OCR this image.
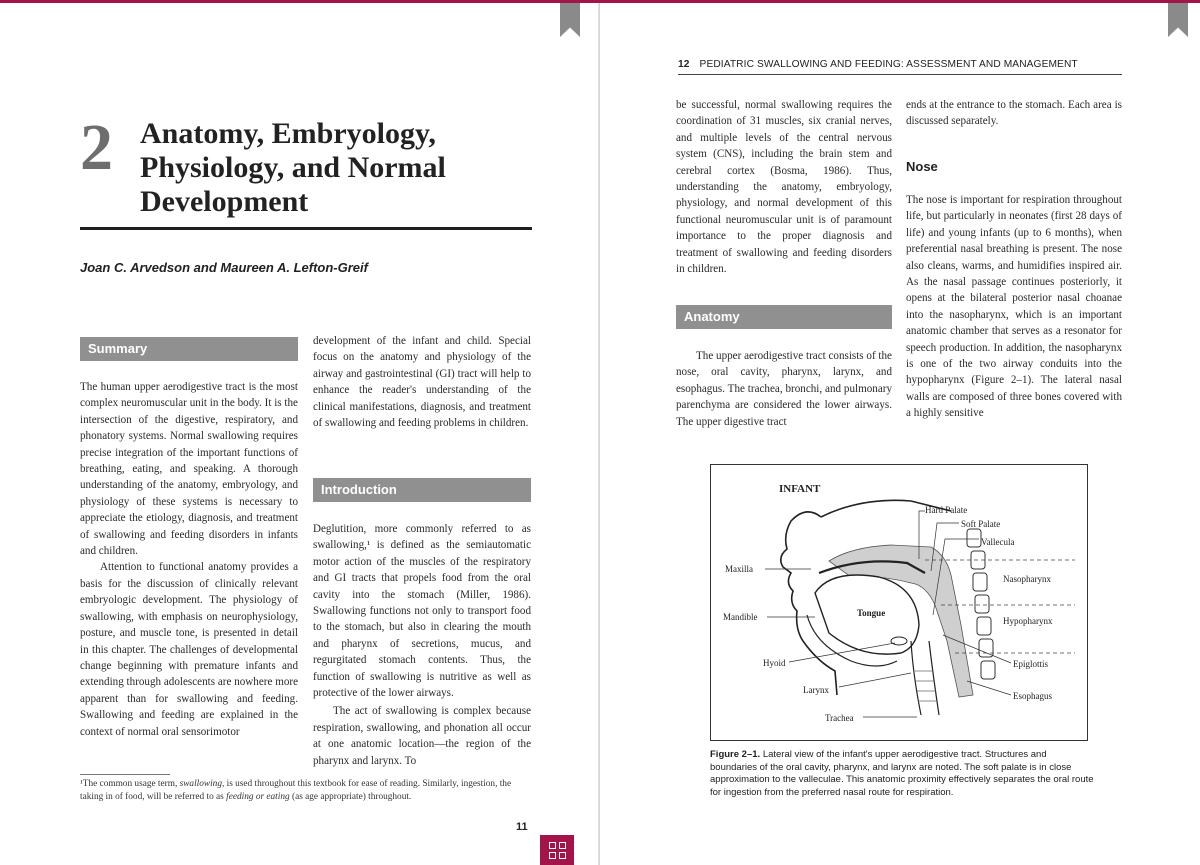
2 Anatomy, Embryology, Physiology, and Normal Development
Joan C. Arvedson and Maureen A. Lefton-Greif
Summary

The human upper aerodigestive tract is the most complex neuromuscular unit in the body. It is the intersection of the digestive, respiratory, and phonatory systems. Normal swallowing requires precise integration of the important functions of breathing, eating, and speaking. A thorough understanding of the anatomy, embryology, and physiology of these systems is necessary to appreciate the etiology, diagnosis, and treatment of swallowing and feeding disorders in infants and children.

Attention to functional anatomy provides a basis for the discussion of clinically relevant embryologic development. The physiology of swallowing, with emphasis on neurophysiology, posture, and muscle tone, is presented in detail in this chapter. The challenges of developmental change beginning with premature infants and extending through adolescents are nowhere more apparent than for swallowing and feeding. Swallowing and feeding are explained in the context of normal oral sensorimotor

development of the infant and child. Special focus on the anatomy and physiology of the airway and gastrointestinal (GI) tract will help to enhance the reader's understanding of the clinical manifestations, diagnosis, and treatment of swallowing and feeding problems in children.

Introduction

Deglutition, more commonly referred to as swallowing,¹ is defined as the semiautomatic motor action of the muscles of the respiratory and GI tracts that propels food from the oral cavity into the stomach (Miller, 1986). Swallowing functions not only to transport food to the stomach, but also in clearing the mouth and pharynx of secretions, mucus, and regurgitated stomach contents. Thus, the function of swallowing is nutritive as well as protective of the lower airways.

The act of swallowing is complex because respiration, swallowing, and phonation all occur at one anatomic location—the region of the pharynx and larynx. To

¹The common usage term, swallowing, is used throughout this textbook for ease of reading. Similarly, ingestion, the taking in of food, will be referred to as feeding or eating (as age appropriate) throughout.
11
12 PEDIATRIC SWALLOWING AND FEEDING: ASSESSMENT AND MANAGEMENT

be successful, normal swallowing requires the coordination of 31 muscles, six cranial nerves, and multiple levels of the central nervous system (CNS), including the brain stem and cerebral cortex (Bosma, 1986). Thus, understanding the anatomy, embryology, physiology, and normal development of this functional neuromuscular unit is of paramount importance to the proper diagnosis and treatment of swallowing and feeding disorders in children.

Anatomy

The upper aerodigestive tract consists of the nose, oral cavity, pharynx, larynx, and esophagus. The trachea, bronchi, and pulmonary parenchyma are considered the lower airways. The upper digestive tract

ends at the entrance to the stomach. Each area is discussed separately.

Nose

The nose is important for respiration throughout life, but particularly in neonates (first 28 days of life) and young infants (up to 6 months), when preferential nasal breathing is present. The nose also cleans, warms, and humidifies inspired air. As the nasal passage continues posteriorly, it opens at the bilateral posterior nasal choanae into the nasopharynx, which is an important anatomic chamber that serves as a resonator for speech production. In addition, the nasopharynx is one of the two airway conduits into the hypopharynx (Figure 2–1). The lateral nasal walls are composed of three bones covered with a highly sensitive

INFANT
Hard Palate
Soft Palate
Vallecula
Maxilla
Nasopharynx
Mandible	Tongue
Hypopharynx
Epiglottis
Hyoid
Larynx
Esophagus
Trachea
Figure 2–1. Lateral view of the infant's upper aerodigestive tract. Structures and boundaries of the oral cavity, pharynx, and larynx are noted. The soft palate is in close approximation to the valleculae. This anatomic proximity effectively separates the oral route for ingestion from the preferred nasal route for respiration.
